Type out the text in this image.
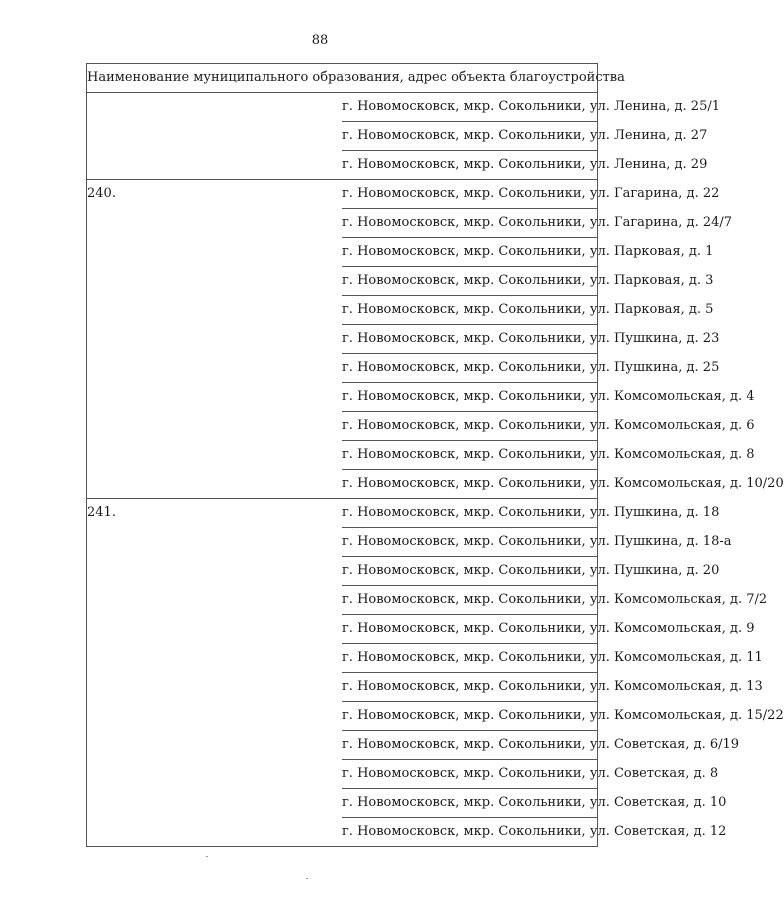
88
Наименование муниципального образования, адрес объекта благоустройства	
	г. Новомосковск, мкр. Сокольники, ул. Ленина, д. 25/1
	г. Новомосковск, мкр. Сокольники, ул. Ленина, д. 27
	г. Новомосковск, мкр. Сокольники, ул. Ленина, д. 29
240.	г. Новомосковск, мкр. Сокольники, ул. Гагарина, д. 22
	г. Новомосковск, мкр. Сокольники, ул. Гагарина, д. 24/7
	г. Новомосковск, мкр. Сокольники, ул. Парковая, д. 1
	г. Новомосковск, мкр. Сокольники, ул. Парковая, д. 3
	г. Новомосковск, мкр. Сокольники, ул. Парковая, д. 5
	г. Новомосковск, мкр. Сокольники, ул. Пушкина, д. 23
	г. Новомосковск, мкр. Сокольники, ул. Пушкина, д. 25
	г. Новомосковск, мкр. Сокольники, ул. Комсомольская, д. 4
	г. Новомосковск, мкр. Сокольники, ул. Комсомольская, д. 6
	г. Новомосковск, мкр. Сокольники, ул. Комсомольская, д. 8
	г. Новомосковск, мкр. Сокольники, ул. Комсомольская, д. 10/20
241.	г. Новомосковск, мкр. Сокольники, ул. Пушкина, д. 18
	г. Новомосковск, мкр. Сокольники, ул. Пушкина, д. 18-а
	г. Новомосковск, мкр. Сокольники, ул. Пушкина, д. 20
	г. Новомосковск, мкр. Сокольники, ул. Комсомольская, д. 7/2
	г. Новомосковск, мкр. Сокольники, ул. Комсомольская, д. 9
	г. Новомосковск, мкр. Сокольники, ул. Комсомольская, д. 11
	г. Новомосковск, мкр. Сокольники, ул. Комсомольская, д. 13
	г. Новомосковск, мкр. Сокольники, ул. Комсомольская, д. 15/22
	г. Новомосковск, мкр. Сокольники, ул. Советская, д. 6/19
	г. Новомосковск, мкр. Сокольники, ул. Советская, д. 8
	г. Новомосковск, мкр. Сокольники, ул. Советская, д. 10
	г. Новомосковск, мкр. Сокольники, ул. Советская, д. 12
